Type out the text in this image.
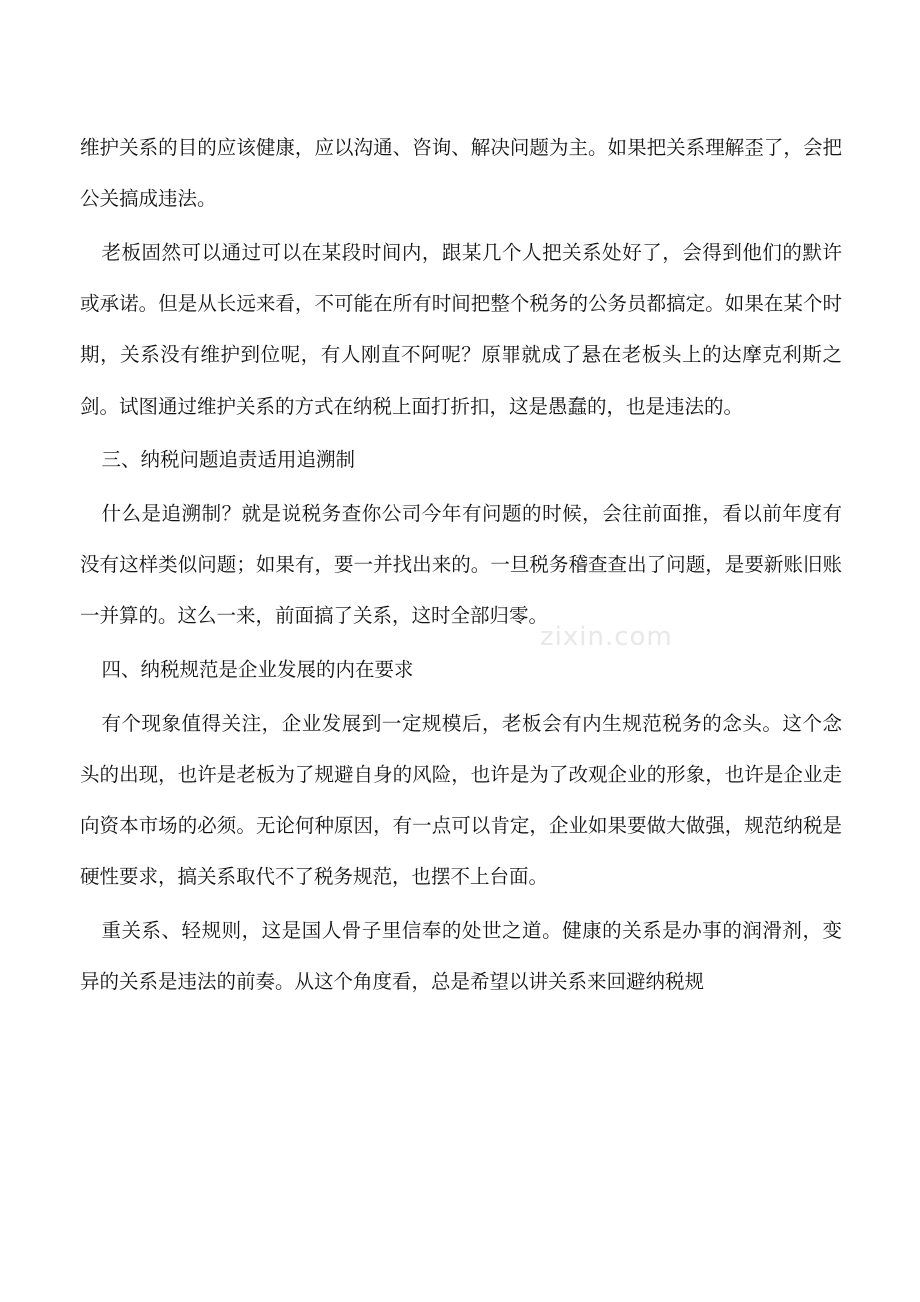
维护关系的目的应该健康，应以沟通、咨询、解决问题为主。如果把关系理解歪了，会把公关搞成违法。

老板固然可以通过可以在某段时间内，跟某几个人把关系处好了，会得到他们的默许或承诺。但是从长远来看，不可能在所有时间把整个税务的公务员都搞定。如果在某个时期，关系没有维护到位呢，有人刚直不阿呢？原罪就成了悬在老板头上的达摩克利斯之剑。试图通过维护关系的方式在纳税上面打折扣，这是愚蠢的，也是违法的。

三、纳税问题追责适用追溯制

什么是追溯制？就是说税务查你公司今年有问题的时候，会往前面推，看以前年度有没有这样类似问题；如果有，要一并找出来的。一旦税务稽查查出了问题，是要新账旧账一并算的。这么一来，前面搞了关系，这时全部归零。

四、纳税规范是企业发展的内在要求

有个现象值得关注，企业发展到一定规模后，老板会有内生规范税务的念头。这个念头的出现，也许是老板为了规避自身的风险，也许是为了改观企业的形象，也许是企业走向资本市场的必须。无论何种原因，有一点可以肯定，企业如果要做大做强，规范纳税是硬性要求，搞关系取代不了税务规范，也摆不上台面。

重关系、轻规则，这是国人骨子里信奉的处世之道。健康的关系是办事的润滑剂，变异的关系是违法的前奏。从这个角度看，总是希望以讲关系来回避纳税规

zixin.com
